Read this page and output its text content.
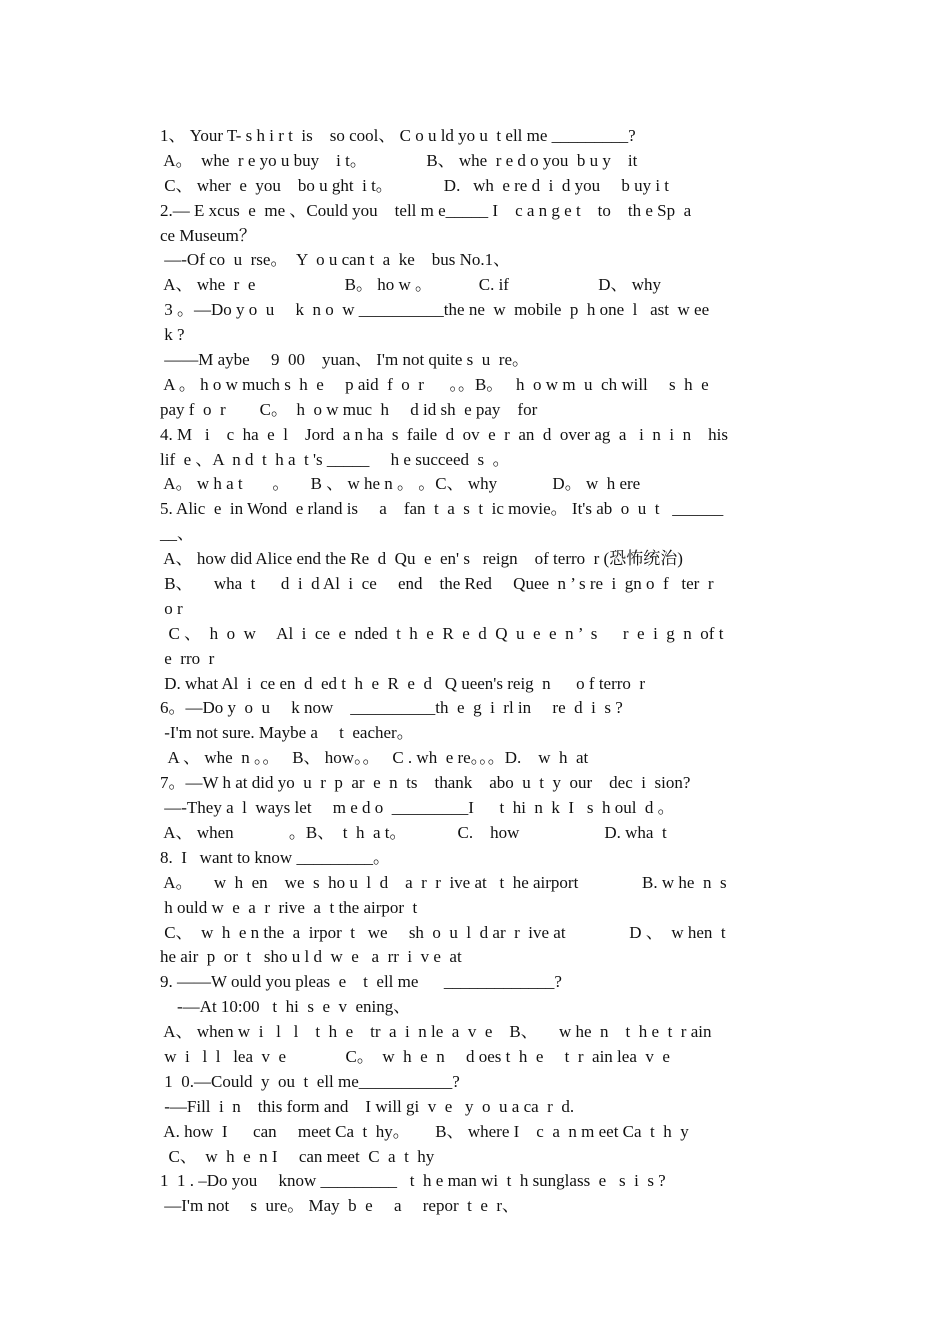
1、 Your T- s h i r t  is    so cool、 C o u ld yo u  t ell me _________?
A。  whe  r e yo u buy    i t。              B、 whe  r e d o you  b u y    it
C、 wher  e  you    bo u ght  i t。            D.   wh  e re d  i  d you     b uy i t
2.— E xcus  e  me 、Could you    tell m e_____ I    c a n g e t    to    th e Sp  a
ce Museum？
—-Of co  u  rse。  Y  o u can t  a  ke    bus No.1、
A、 whe  r  e                     B。 ho w 。           C. if                     D、 why
3 。—Do y o  u     k  n o  w __________the ne  w  mobile  p  h one  l   ast  w ee
k ?
——M aybe     9  00    yuan、 I'm not quite s  u  re。
A 。 h o w much s  h  e     p aid  f  o  r      。。B。   h  o w m  u  ch will     s  h  e
pay f  o  r        C。  h  o w muc  h     d id sh  e pay    for
4. M   i    c  ha  e  l    Jord  a n ha  s  faile  d  ov  e  r  an  d  over ag  a   i  n  i  n    his
lif  e 、A  n d  t  h a  t 's _____     h e succeed  s  。
A。 w h a t       。     B 、 w he n 。 。C、 why             D。 w  h ere
5. Alic  e  in Wond  e rland is     a    fan  t  a  s  t  ic movie。 It's ab  o  u  t   ______
__、
A、 how did Alice end the Re  d  Qu  e  en' s   reign    of terro  r (恐怖统治)
B、     wha  t      d  i  d Al  i  ce     end    the Red     Quee  n ’ s re  i  gn o  f   ter  r
o r
C 、  h  o  w     Al  i  ce  e  nded  t  h  e  R  e  d  Q  u  e  e  n ’  s      r  e  i  g  n  of t
e  rro  r
D. what Al  i  ce en  d  ed t  h  e  R  e  d   Q ueen's reig  n      o f terro  r
6。—Do y  o  u     k now    __________th  e  g  i  rl in     re  d  i  s ?
-I'm not sure. Maybe a     t  eacher。
A 、 whe  n 。。   B、 how。。   C . wh  e re。。。D.    w  h  at
7。—W h at did yo  u  r  p  ar  e  n  ts    thank    abo  u  t  y  our    dec  i  sion?
—-They a  l  ways let     m e d o  _________I      t  hi  n  k  I   s  h oul  d 。
A、 when             。B、  t  h  a t。            C.    how                    D. wha  t
8.  I   want to know _________。
A。     w  h  en    we  s  ho u  l  d    a  r  r  ive at   t  he airport               B. w he  n  s
h ould w  e  a  r  rive  a  t the airpor  t
C、  w  h  e n the  a  irpor  t   we     sh  o  u  l  d ar  r  ive at               D 、  w hen  t
he air  p  or  t   sho u l d  w  e   a  rr  i  v e  at
9. ——W ould you pleas  e    t  ell me      _____________?
-—At 10:00   t  hi  s  e  v  ening、
A、 when w  i   l   l    t  h  e    tr  a  i  n le  a  v  e    B、     w he  n    t  h e  t  r ain
w  i   l  l   lea  v  e              C。  w  h  e  n     d oes t  h  e     t  r  ain lea  v  e
1  0.—Could  y  ou  t  ell me___________?
-—Fill  i  n    this form and    I will gi  v  e   y  o  u a ca  r  d.
A. how  I      can     meet Ca  t  hy。      B、 where I    c  a  n m eet Ca  t  h  y
C、  w  h  e  n I     can meet  C  a  t  hy
1  1 . –Do you     know _________   t  h e man wi  t  h sunglass  e   s  i  s ?
—I'm not     s  ure。 May  b  e     a     repor  t  e  r、
